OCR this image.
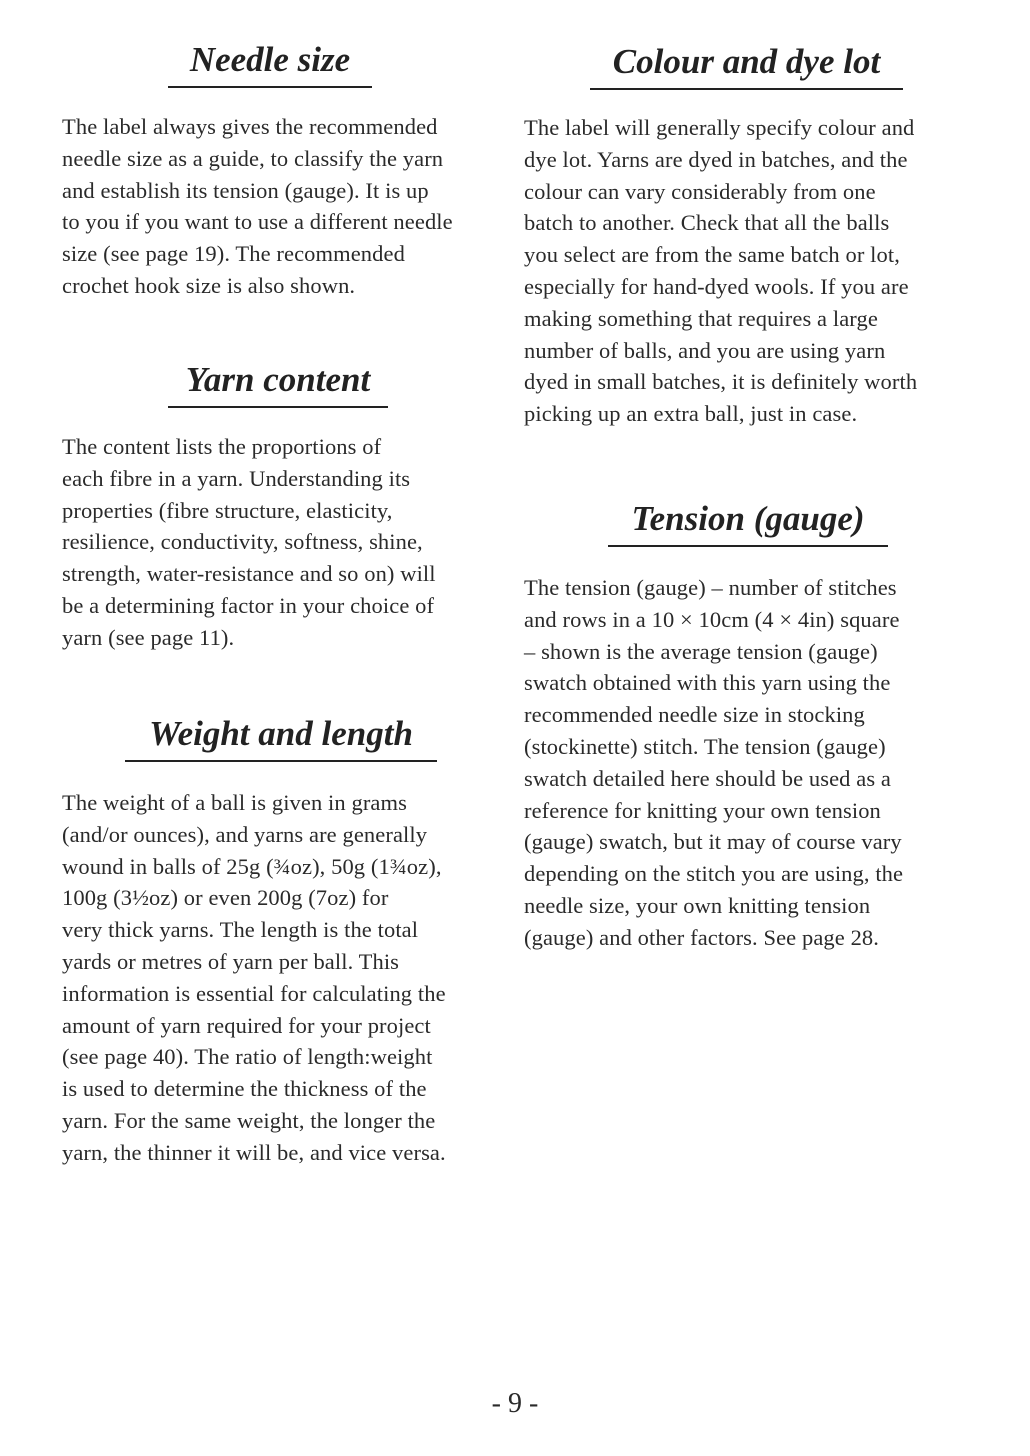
Needle size
The label always gives the recommended
needle size as a guide, to classify the yarn
and establish its tension (gauge). It is up
to you if you want to use a different needle
size (see page 19). The recommended
crochet hook size is also shown.
Yarn content
The content lists the proportions of
each fibre in a yarn. Understanding its
properties (fibre structure, elasticity,
resilience, conductivity, softness, shine,
strength, water-resistance and so on) will
be a determining factor in your choice of
yarn (see page 11).
Weight and length
The weight of a ball is given in grams
(and/or ounces), and yarns are generally
wound in balls of 25g (¾oz), 50g (1¾oz),
100g (3½oz) or even 200g (7oz) for
very thick yarns. The length is the total
yards or metres of yarn per ball. This
information is essential for calculating the
amount of yarn required for your project
(see page 40). The ratio of length:weight
is used to determine the thickness of the
yarn. For the same weight, the longer the
yarn, the thinner it will be, and vice versa.
Colour and dye lot
The label will generally specify colour and
dye lot. Yarns are dyed in batches, and the
colour can vary considerably from one
batch to another. Check that all the balls
you select are from the same batch or lot,
especially for hand-dyed wools. If you are
making something that requires a large
number of balls, and you are using yarn
dyed in small batches, it is definitely worth
picking up an extra ball, just in case.
Tension (gauge)
The tension (gauge) – number of stitches
and rows in a 10 × 10cm (4 × 4in) square
– shown is the average tension (gauge)
swatch obtained with this yarn using the
recommended needle size in stocking
(stockinette) stitch. The tension (gauge)
swatch detailed here should be used as a
reference for knitting your own tension
(gauge) swatch, but it may of course vary
depending on the stitch you are using, the
needle size, your own knitting tension
(gauge) and other factors. See page 28.
- 9 -
